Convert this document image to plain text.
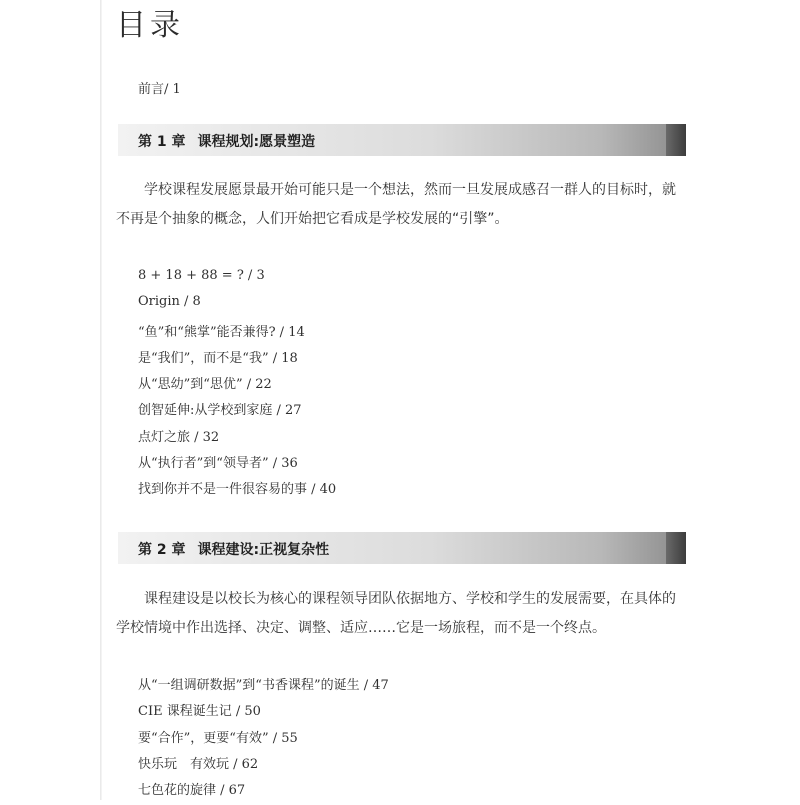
目录
前言/ 1
第 1 章 课程规划:愿景塑造
学校课程发展愿景最开始可能只是一个想法，然而一旦发展成感召一群人的目标时，就不再是个抽象的概念，人们开始把它看成是学校发展的“引擎”。
8 + 18 + 88 = ? / 3
Origin / 8
“鱼”和“熊掌”能否兼得? / 14
是“我们”，而不是“我” / 18
从“思幼”到“思优” / 22
创智延伸:从学校到家庭 / 27
点灯之旅 / 32
从“执行者”到“领导者” / 36
找到你并不是一件很容易的事 / 40
第 2 章 课程建设:正视复杂性
课程建设是以校长为核心的课程领导团队依据地方、学校和学生的发展需要，在具体的学校情境中作出选择、决定、调整、适应……它是一场旅程，而不是一个终点。
从“一组调研数据”到“书香课程”的诞生 / 47
CIE 课程诞生记 / 50
要“合作”，更要“有效” / 55
快乐玩　有效玩 / 62
七色花的旋律 / 67
